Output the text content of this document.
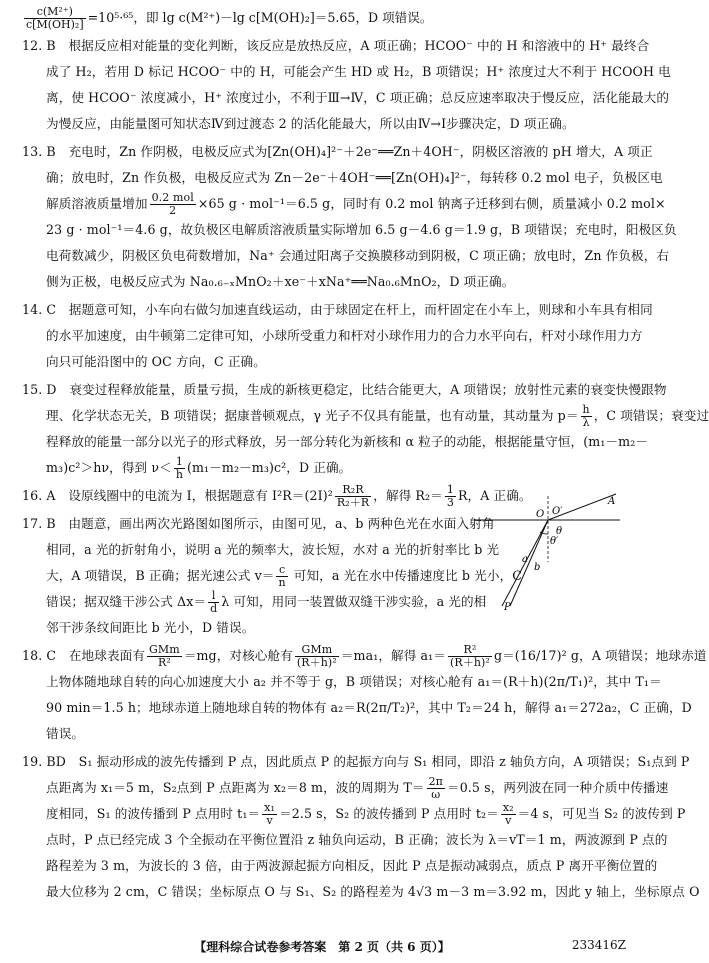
$\frac{\text{c(M²⁺)}}{\text{c[M(OH)₂]}} =10^5\cdot^{65}$，即 lg c(M²⁺)－lg c[M(OH)₂]＝5.65，D 项错误。
12. B　根据反应相对能量的变化判断，该反应是放热反应，A 项正确；HCOO⁻ 中的 H 和溶液中的 H⁺ 最终合
成了 H₂，若用 D 标记 HCOO⁻ 中的 H，可能会产生 HD 或 H₂，B 项错误；H⁺ 浓度过大不利于 HCOOH 电
离，使 HCOO⁻ 浓度减小，H⁺ 浓度过小，不利于Ⅲ→Ⅳ，C 项正确；总反应速率取决于慢反应，活化能最大的
为慢反应，由能量图可知状态Ⅳ到过渡态 2 的活化能最大，所以由Ⅳ→Ⅰ步骤决定，D 项正确。
13. B　充电时，Zn 作阴极，电极反应式为[Zn(OH)₄]²⁻＋2e⁻══Zn＋4OH⁻，阴极区溶液的 pH 增大，A 项正
确；放电时，Zn 作负极，电极反应式为 Zn－2e⁻＋4OH⁻══[Zn(OH)₄]²⁻，每转移 0.2 mol 电子，负极区电
解质溶液质量增加 $\frac{\text{0.2 mol}}{2} \times 65$ g · mol⁻¹＝6.5 g，同时有 0.2 mol 钠离子迁移到右侧，质量减小 0.2 mol×
23 g · mol⁻¹＝4.6 g，故负极区电解质溶液质量实际增加 6.5 g－4.6 g＝1.9 g，B 项错误；充电时，阳极区负
电荷数减少，阴极区负电荷数增加，Na⁺ 会通过阳离子交换膜移动到阴极，C 项正确；放电时，Zn 作负极，右
侧为正极，电极反应式为 Na₀.₆₋ₓMnO₂＋xe⁻＋xNa⁺══Na₀.₆MnO₂，D 项正确。
14. C　据题意可知，小车向右做匀加速直线运动，由于球固定在杆上，而杆固定在小车上，则球和小车具有相同
的水平加速度，由牛顿第二定律可知，小球所受重力和杆对小球作用力的合力水平向右，杆对小球作用力方
向只可能沿图中的 OC 方向，C 正确。
15. D　衰变过程释放能量，质量亏损，生成的新核更稳定，比结合能更大，A 项错误；放射性元素的衰变快慢跟物
理、化学状态无关，B 项错误；据康普顿观点，γ 光子不仅具有能量，也有动量，其动量为 $p= \frac{h}{\lambda}$ ，C 项错误；衰变过
程释放的能量一部分以光子的形式释放，另一部分转化为新核和 α 粒子的动能，根据能量守恒，(m₁－m₂－
m₃)c²＞hν，得到 $\nu< \frac{1}{h} (m_1-m_2-m_3)c^2$，D 正确。
16. A　设原线圈中的电流为 I，根据题意有 $I^2R=(2I)^2 \frac{\text{R₂R}}{\text{R₂＋R}}$ ，解得 $R_2= \frac{1}{3}$ R，A 正确。
17. B　由题意，画出两次光路图如图所示，由图可见，a、b 两种色光在水面入射角
相同，a 光的折射角小，说明 a 光的频率大，波长短，水对 a 光的折射率比 b 光
大，A 项错误，B 正确；据光速公式 $v= \frac{c}{n}$ 可知，a 光在水中传播速度比 b 光小，C
错误；据双缝干涉公式 $\Delta x= \frac{l}{d}$ λ 可知，用同一装置做双缝干涉实验，a 光的相
邻干涉条纹间距比 b 光小，D 错误。
18. C　在地球表面有 $\frac{\text{GMm}}{\text{R²}} =mg$，对核心舱有 $\frac{\text{GMm}}{\text{(R＋h)²}} =ma_1$，解得 $a_1= \frac{\text{R²}}{\text{(R＋h)²}} g=(16/17)^2$ g，A 项错误；地球赤道
上物体随地球自转的向心加速度大小 a₂ 并不等于 g，B 项错误；对核心舱有 a₁＝(R＋h)(2π/T₁)²，其中 T₁＝
90 min＝1.5 h；地球赤道上随地球自转的物体有 a₂＝R(2π/T₂)²，其中 T₂＝24 h，解得 a₁＝272a₂，C 正确，D
错误。
19. BD　S₁ 振动形成的波先传播到 P 点，因此质点 P 的起振方向与 S₁ 相同，即沿 z 轴负方向，A 项错误；S₁点到 P
点距离为 x₁＝5 m，S₂点到 P 点距离为 x₂＝8 m，波的周期为 $T= \frac{2\pi}{\omega} =0.5$ s，两列波在同一种介质中传播速
度相同，S₁ 的波传播到 P 点用时 $t_1= \frac{\text{x₁}}{v} =2.5$ s，S₂ 的波传播到 P 点用时 $t_2= \frac{\text{x₂}}{v} =4$ s，可见当 S₂ 的波传到 P
点时，P 点已经完成 3 个全振动在平衡位置沿 z 轴负向运动，B 正确；波长为 λ＝vT＝1 m，两波源到 P 点的
路程差为 3 m，为波长的 3 倍，由于两波源起振方向相反，因此 P 点是振动减弱点，质点 P 离开平衡位置的
最大位移为 2 cm，C 错误；坐标原点 O 与 S₁、S₂ 的路程差为 4√3 m－3 m＝3.92 m，因此 y 轴上，坐标原点 O
A
O O′
θ
θ′
a
b
P
【理科综合试卷参考答案　第 2 页（共 6 页）】	233416Z
